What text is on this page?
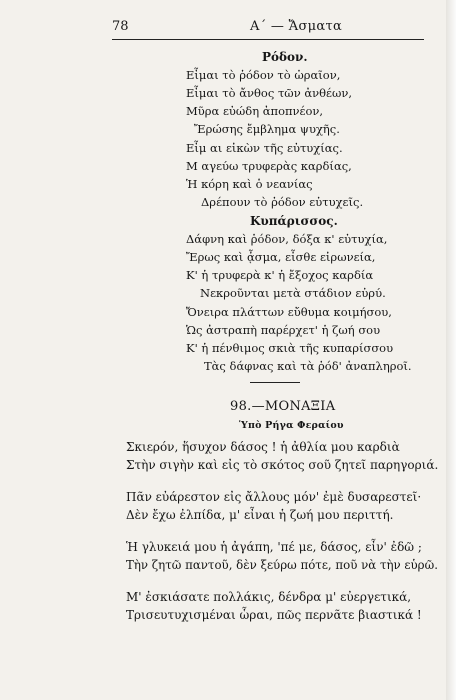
78	Α΄ — Ἄσματα
Ρόδον.
Εἶμαι τὸ ῥόδον τὸ ὡραῖον,
Εἶμαι τὸ ἄνθος τῶν ἀνθέων,
Μῦρα εὐώδη ἀποπνέον,
Ἔρώσης ἔμβλημα ψυχῆς.
Εἶμ αι εἰκὼν τῆς εὐτυχίας.
Μ αγεύω τρυφερὰς καρδίας,
Ἡ κόρη καὶ ὁ νεανίας
Δρέπουν τὸ ῥόδον εὐτυχεῖς.
Κυπάρισσος.
Δάφνη καὶ ῥόδον, δόξα κ' εὐτυχία,
Ἔρως καὶ ᾆσμα, εἶσθε εἰρωνεία,
Κ' ἡ τρυφερὰ κ' ἡ ἔξοχος καρδία
Νεκροῦνται μετὰ στάδιον εὐρύ.
Ὄνειρα πλάττων εὔθυμα κοιμήσου,
Ὡς ἀστραπὴ παρέρχετ' ἡ ζωή σου
Κ' ἡ πένθιμος σκιὰ τῆς κυπαρίσσου
Τὰς δάφνας καὶ τὰ ῥόδ' ἀναπληροῖ.
98.—ΜΟΝΑΞΙΑ
Ὑπὸ Ρήγα Φεραίου
Σκιερόν, ἥσυχον δάσος ! ἡ ἀθλία μου καρδιὰ
Στὴν σιγὴν καὶ εἰς τὸ σκότος σοῦ ζητεῖ παρηγοριά.
Πᾶν εὐάρεστον εἰς ἄλλους μόν' ἐμὲ δυσαρεστεῖ·
Δὲν ἔχω ἐλπίδα, μ' εἶναι ἡ ζωή μου περιττή.
Ἡ γλυκειά μου ἡ ἀγάπη, 'πέ με, δάσος, εἶν' ἐδῶ ;
Τὴν ζητῶ παντοῦ, δὲν ξεύρω πότε, ποῦ νὰ τὴν εὑρῶ.
Μ' ἐσκιάσατε πολλάκις, δένδρα μ' εὐεργετικά,
Τρισευτυχισμέναι ὧραι, πῶς περνᾶτε βιαστικά !
